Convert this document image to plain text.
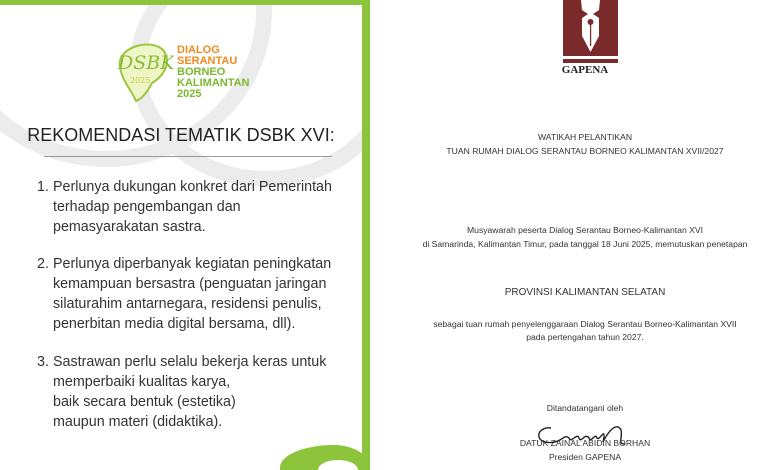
DSBK
2025
DIALOG
SERANTAU
BORNEO
KALIMANTAN
2025
REKOMENDASI TEMATIK DSBK XVI:
1. Perlunya dukungan konkret dari Pemerintah
terhadap pengembangan dan
pemasyarakatan sastra.
2. Perlunya diperbanyak kegiatan peningkatan
kemampuan bersastra (penguatan jaringan
silaturahim antarnegara, residensi penulis,
penerbitan media digital bersama, dll).
3. Sastrawan perlu selalu bekerja keras untuk
memperbaiki kualitas karya,
baik secara bentuk (estetika)
maupun materi (didaktika).
GAPENA
WATIKAH PELANTIKAN
TUAN RUMAH DIALOG SERANTAU BORNEO KALIMANTAN XVII/2027
Musyawarah peserta Dialog Serantau Borneo-Kalimantan XVI
di Samarinda, Kalimantan Timur, pada tanggal 18 Juni 2025, memutuskan penetapan
PROVINSI KALIMANTAN SELATAN
sebagai tuan rumah penyelenggaraan Dialog Serantau Borneo-Kalimantan XVII
pada pertengahan tahun 2027.
Ditandatangani oleh
DATUK ZAINAL ABIDIN BORHAN
Presiden GAPENA
